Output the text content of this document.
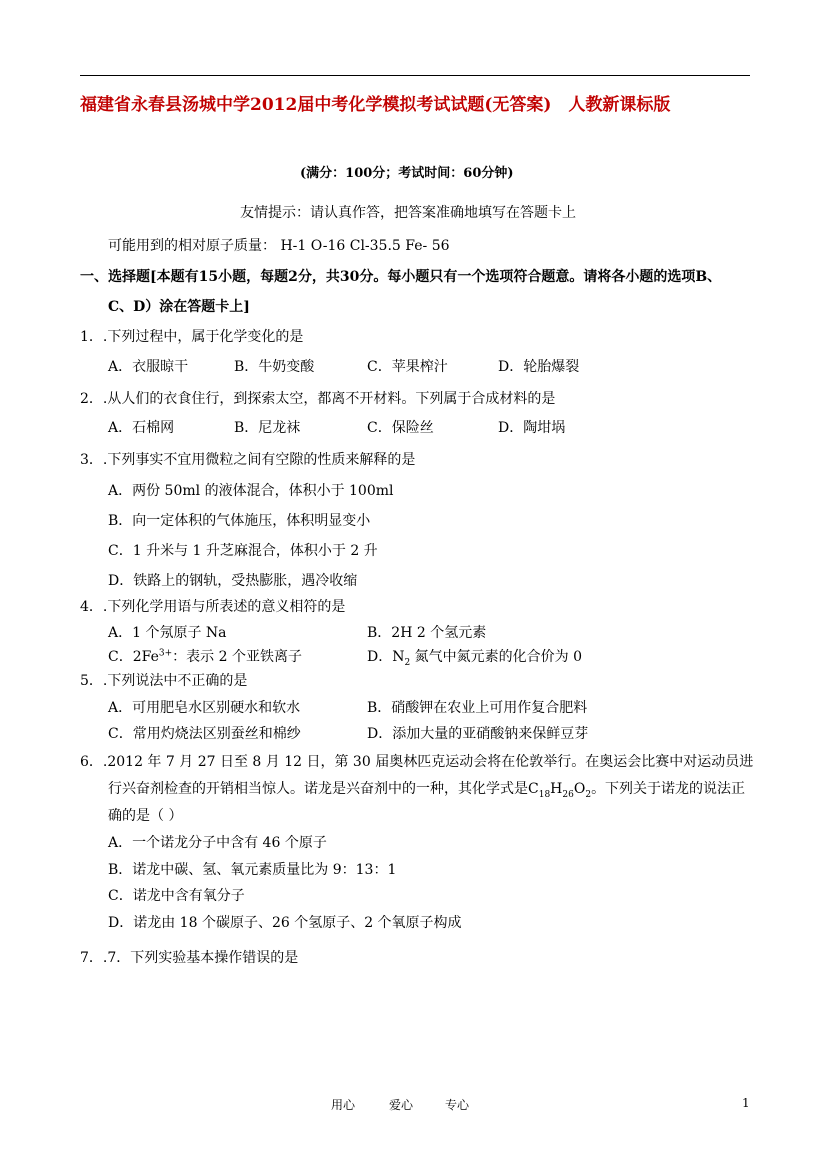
福建省永春县汤城中学2012届中考化学模拟考试试题(无答案)　人教新课标版
(满分：100分；考试时间：60分钟)
友情提示：请认真作答，把答案准确地填写在答题卡上
可能用到的相对原子质量： H-1 O-16 Cl-35.5 Fe- 56
一、选择题[本题有15小题，每题2分，共30分。每小题只有一个选项符合题意。请将各小题的选项B、
C、D）涂在答题卡上]
1．.下列过程中，属于化学变化的是
A．衣服晾干	B．牛奶变酸	C．苹果榨汁	D．轮胎爆裂
2．.从人们的衣食住行，到探索太空，都离不开材料。下列属于合成材料的是
A．石棉网	B．尼龙袜	C．保险丝	D．陶坩埚
3．.下列事实不宜用微粒之间有空隙的性质来解释的是
A．两份 50ml 的液体混合，体积小于 100ml
B．向一定体积的气体施压，体积明显变小
C．1 升米与 1 升芝麻混合，体积小于 2 升
D．铁路上的钢轨，受热膨胀，遇冷收缩
4．.下列化学用语与所表述的意义相符的是
A．1 个氖原子 Na	B．2H 2 个氢元素
C．$2Fe^{3+}$：表示 2 个亚铁离子	D．$N_2$ 氮气中氮元素的化合价为 0
5．.下列说法中不正确的是
A．可用肥皂水区别硬水和软水	B．硝酸钾在农业上可用作复合肥料
C．常用灼烧法区别蚕丝和棉纱	D．添加大量的亚硝酸钠来保鲜豆芽
6．.2012 年 7 月 27 日至 8 月 12 日，第 30 届奥林匹克运动会将在伦敦举行。在奥运会比赛中对运动员进
行兴奋剂检查的开销相当惊人。诺龙是兴奋剂中的一种，其化学式是$C_{18}H_{26}O_2$。下列关于诺龙的说法正
确的是（ ）
A．一个诺龙分子中含有 46 个原子
B．诺龙中碳、氢、氧元素质量比为 9：13：1
C．诺龙中含有氧分子
D．诺龙由 18 个碳原子、26 个氢原子、2 个氧原子构成
7．.7．下列实验基本操作错误的是
用心	爱心	专心	1
